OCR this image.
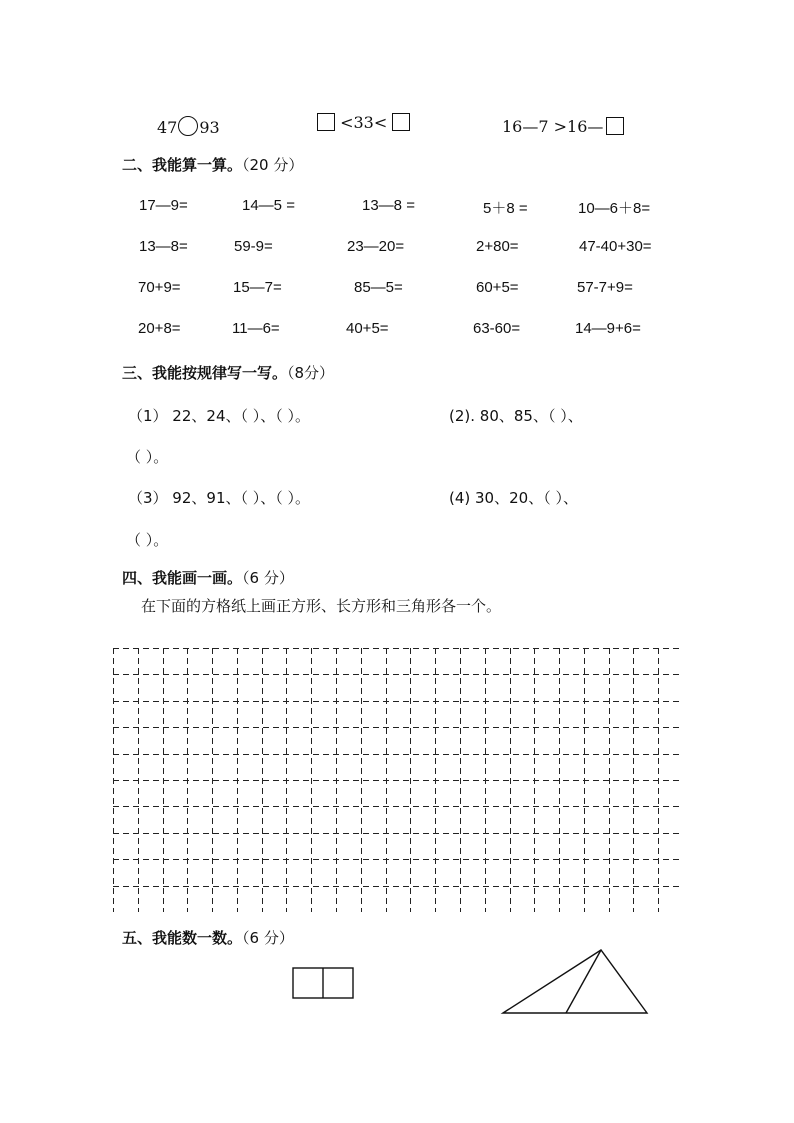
47 93	<33<	16—7 >16—
二、我能算一算。（20 分）
17—9=	14—5 =	13—8 =	5＋8 =	10—6＋8=
13—8=	59-9=	23—20=	2+80=	47-40+30=
70+9=	15—7=	85—5=	60+5=	57-7+9=
20+8=	11—6=	40+5=	63-60=	14—9+6=
三、我能按规律写一写。（8分）
（1） 22、24、（ ）、（ ）。	(2). 80、85、（ ）、
（ ）。
（3） 92、91、（ ）、（ ）。	(4) 30、20、（ ）、
（ ）。
四、我能画一画。（6 分）
在下面的方格纸上画正方形、长方形和三角形各一个。
五、我能数一数。（6 分）
